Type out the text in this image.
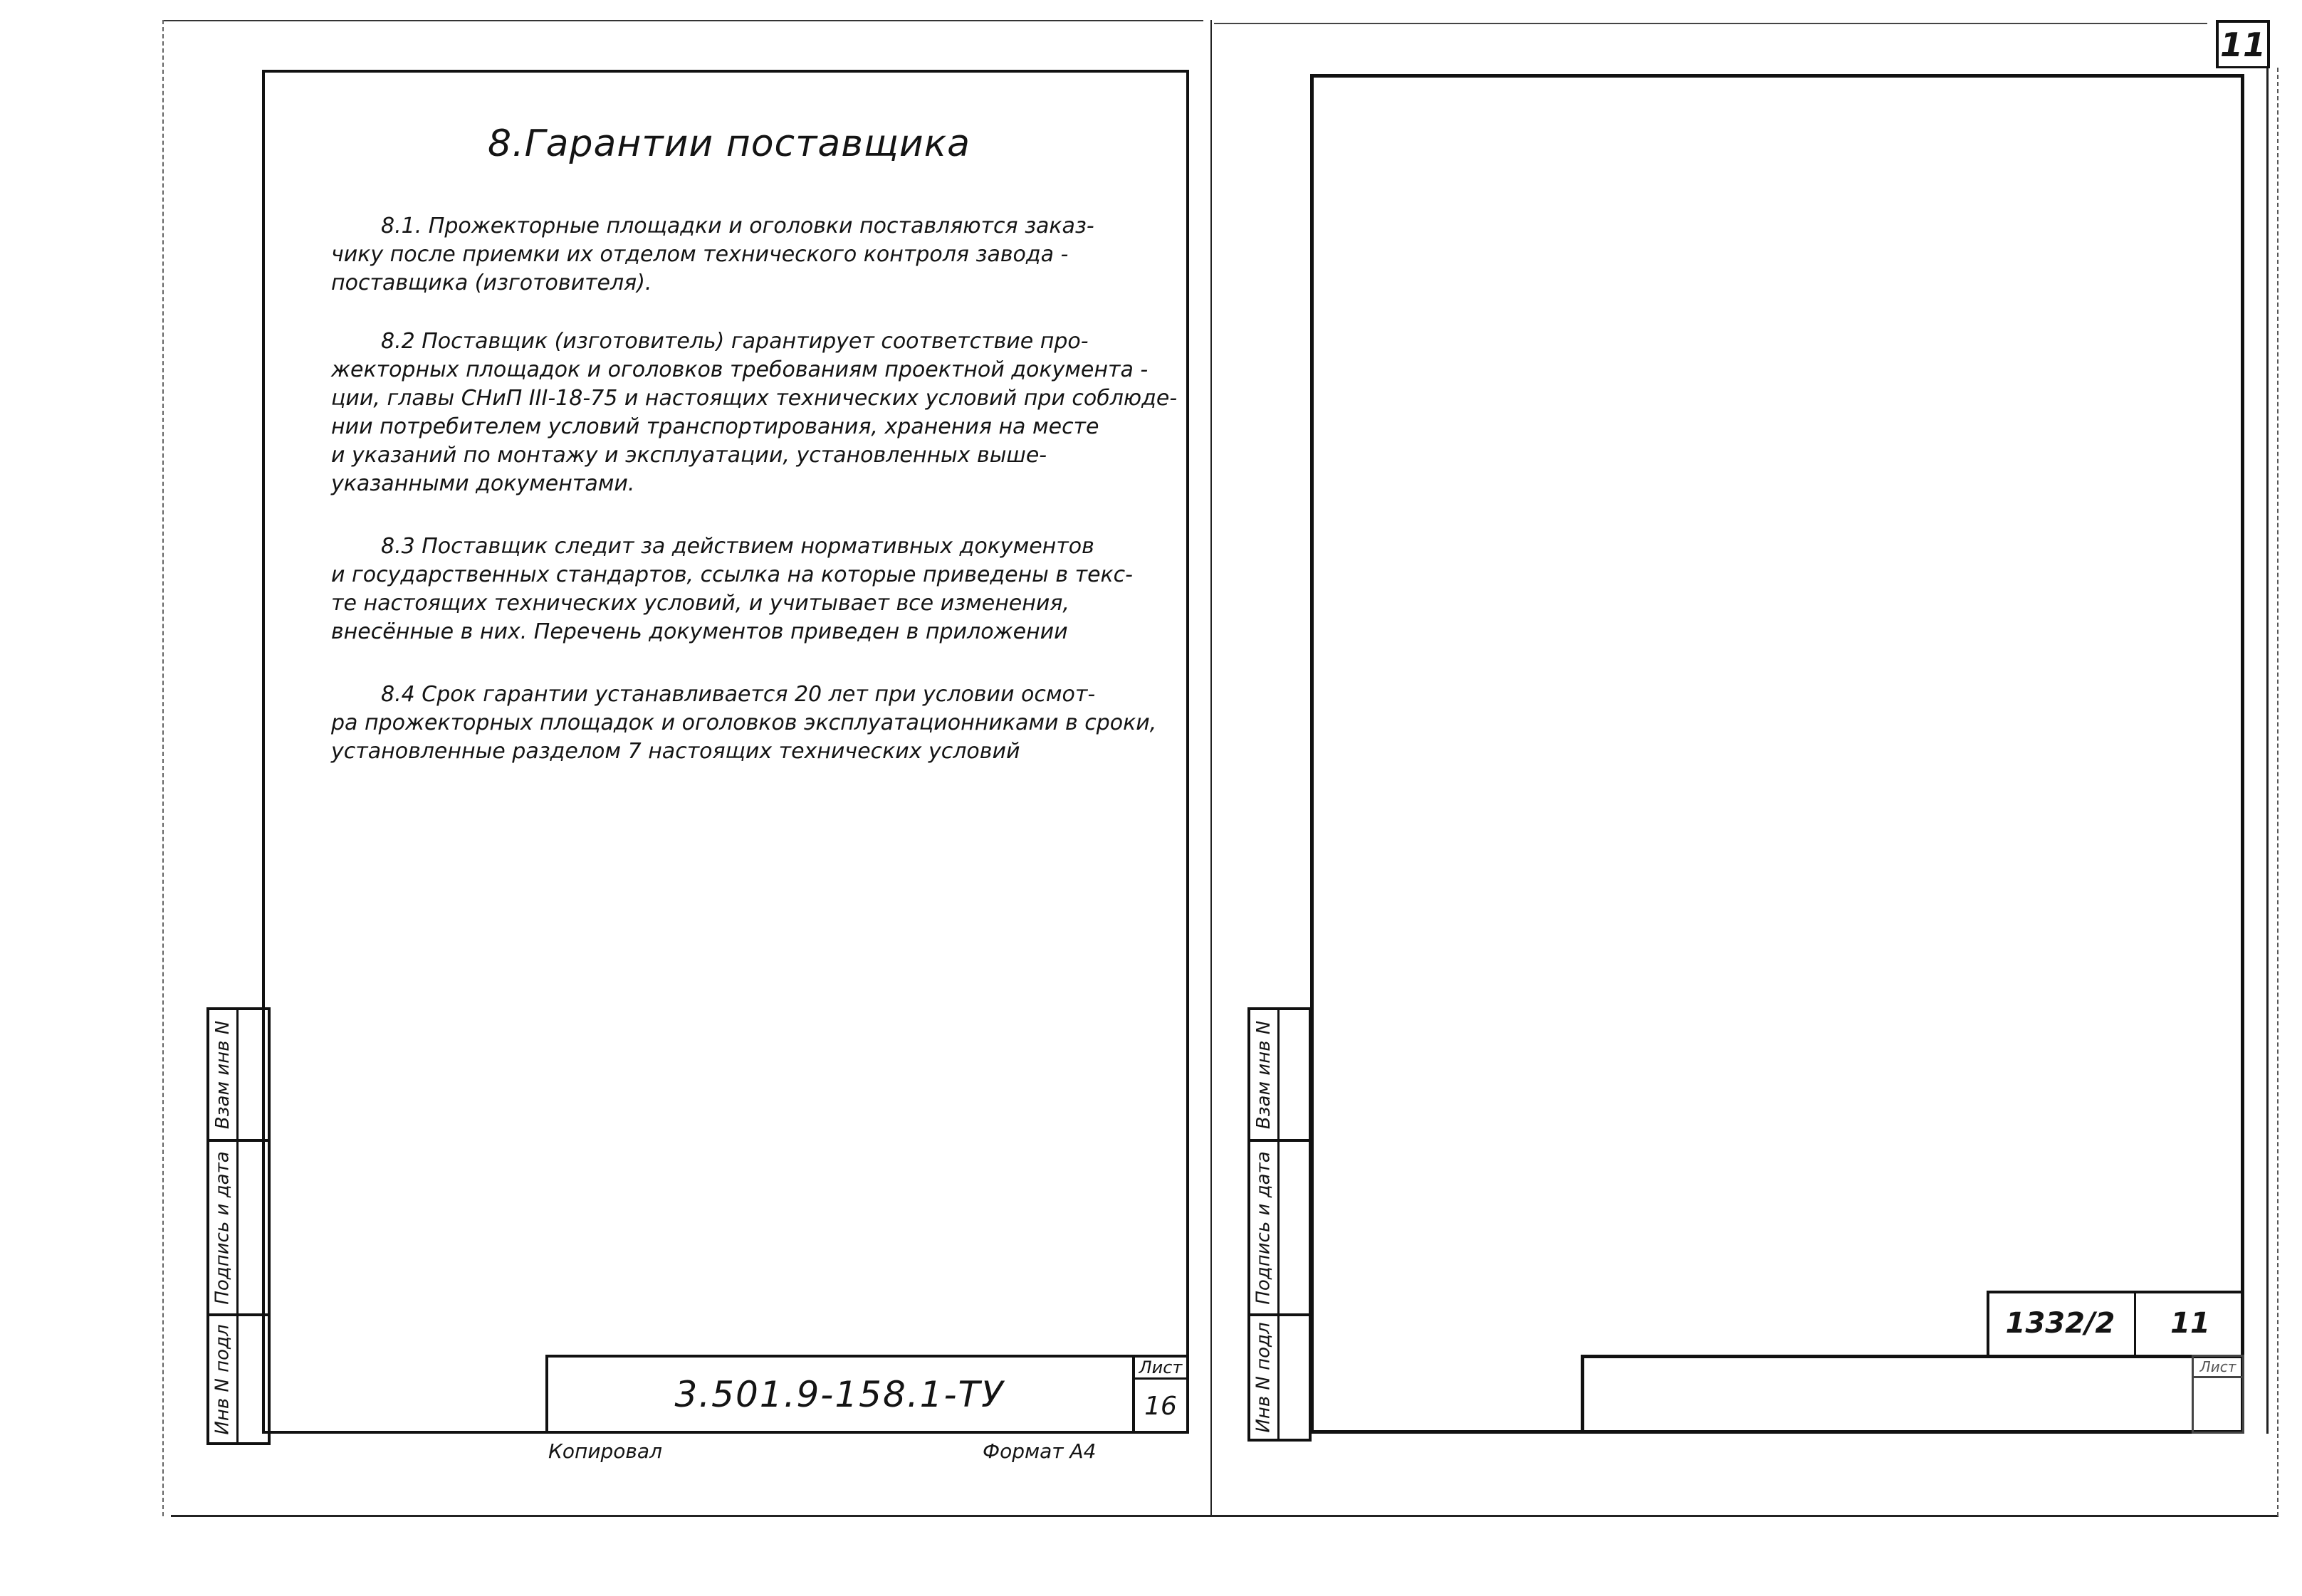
8.Гарантии поставщика
8.1. Прожекторные площадки и оголовки поставляются заказ-
чику после приемки их отделом технического контроля завода -
поставщика (изготовителя).
8.2 Поставщик (изготовитель) гарантирует соответствие про-
жекторных площадок и оголовков требованиям проектной документа -
ции, главы СНиП III-18-75 и настоящих технических условий при соблюде-
нии потребителем условий транспортирования, хранения на месте
и указаний по монтажу и эксплуатации, установленных выше-
указанными документами.
8.3 Поставщик следит за действием нормативных документов
и государственных стандартов, ссылка на которые приведены в текс-
те настоящих технических условий, и учитывает все изменения,
внесённые в них. Перечень документов приведен в приложении
8.4 Срок гарантии устанавливается 20 лет при условии осмот-
ра прожекторных площадок и оголовков эксплуатационниками в сроки,
установленные разделом 7 настоящих технических условий
Взам инв N
Подпись и дата
Инв N подл	3.501.9-158.1-ТУ
Лист
16
Копировал	Формат А4
11
Взам инв N
Подпись и дата
Инв N подл	1332/2	11
Лист
